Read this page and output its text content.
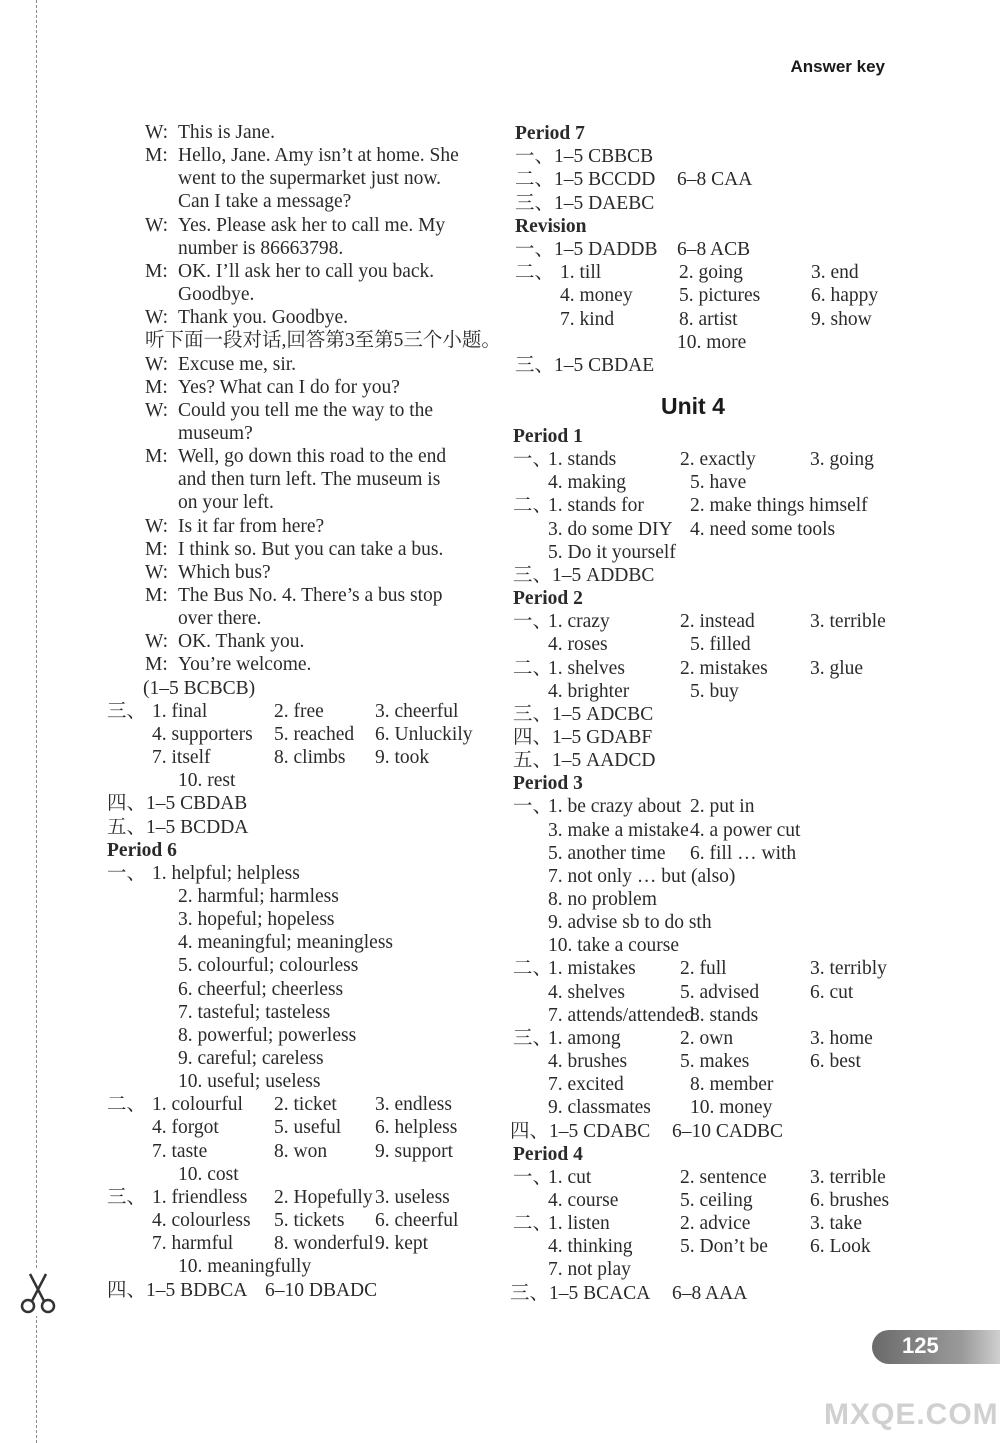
Answer key
W: This is Jane.
M: Hello, Jane. Amy isn’t at home. She
went to the supermarket just now.
Can I take a message?
W: Yes. Please ask her to call me. My
number is 86663798.
M: OK. I’ll ask her to call you back.
Goodbye.
W: Thank you. Goodbye.
听下面一段对话,回答第3至第5三个小题。
W: Excuse me, sir.
M: Yes? What can I do for you?
W: Could you tell me the way to the
museum?
M: Well, go down this road to the end
and then turn left. The museum is
on your left.
W: Is it far from here?
M: I think so. But you can take a bus.
W: Which bus?
M: The Bus No. 4. There’s a bus stop
over there.
W: OK. Thank you.
M: You’re welcome.
(1–5 BCBCB)
三、 1. final	2. free	3. cheerful
4. supporters 5. reached 6. Unluckily
7. itself	8. climbs 9. took
10. rest
四、1–5 CBDAB
五、1–5 BCDDA
Period 6
一、 1. helpful; helpless
2. harmful; harmless
3. hopeful; hopeless
4. meaningful; meaningless
5. colourful; colourless
6. cheerful; cheerless
7. tasteful; tasteless
8. powerful; powerless
9. careful; careless
10. useful; useless
二、 1. colourful 2. ticket 3. endless
4. forgot	5. useful 6. helpless
7. taste	8. won 9. support
10. cost
三、 1. friendless 2. Hopefully 3. useless
4. colourless 5. tickets 6. cheerful
7. harmful 8. wonderful 9. kept
10. meaningfully
四、1–5 BDBCA 6–10 DBADC
Period 7
一、1–5 CBBCB
二、1–5 BCCDD 6–8 CAA
三、1–5 DAEBC
Revision
一、1–5 DADDB 6–8 ACB
二、 1. till	2. going	3. end
4. money 5. pictures	6. happy
7. kind	8. artist	9. show
10. more
三、1–5 CBDAE
Unit 4
Period 1
一、
1. stands	2. exactly	3. going
4. making	5. have
二、
1. stands for 2. make things himself
3. do some DIY 4. need some tools
5. Do it yourself
三、1–5 ADDBC
Period 2
一、
1. crazy	2. instead	3. terrible
4. roses	5. filled
二、
1. shelves	2. mistakes 3. glue
4. brighter	5. buy
三、1–5 ADCBC
四、1–5 GDABF
五、1–5 AADCD
Period 3
一、
1. be crazy about 2. put in
3. make a mistake 4. a power cut
5. another time 6. fill … with
7. not only … but (also)
8. no problem
9. advise sb to do sth
10. take a course
二、
1. mistakes 2. full	3. terribly
4. shelves	5. advised	6. cut
7. attends/attended
8. stands
三、
1. among	2. own	3. home
4. brushes	5. makes	6. best
7. excited	8. member
9. classmates 10. money
四、1–5 CDABC 6–10 CADBC
Period 4
一、
1. cut	2. sentence 3. terrible
4. course	5. ceiling	6. brushes
二、
1. listen	2. advice	3. take
4. thinking 5. Don’t be 6. Look
7. not play
三、1–5 BCACA 6–8 AAA
125
MXQE.COM
